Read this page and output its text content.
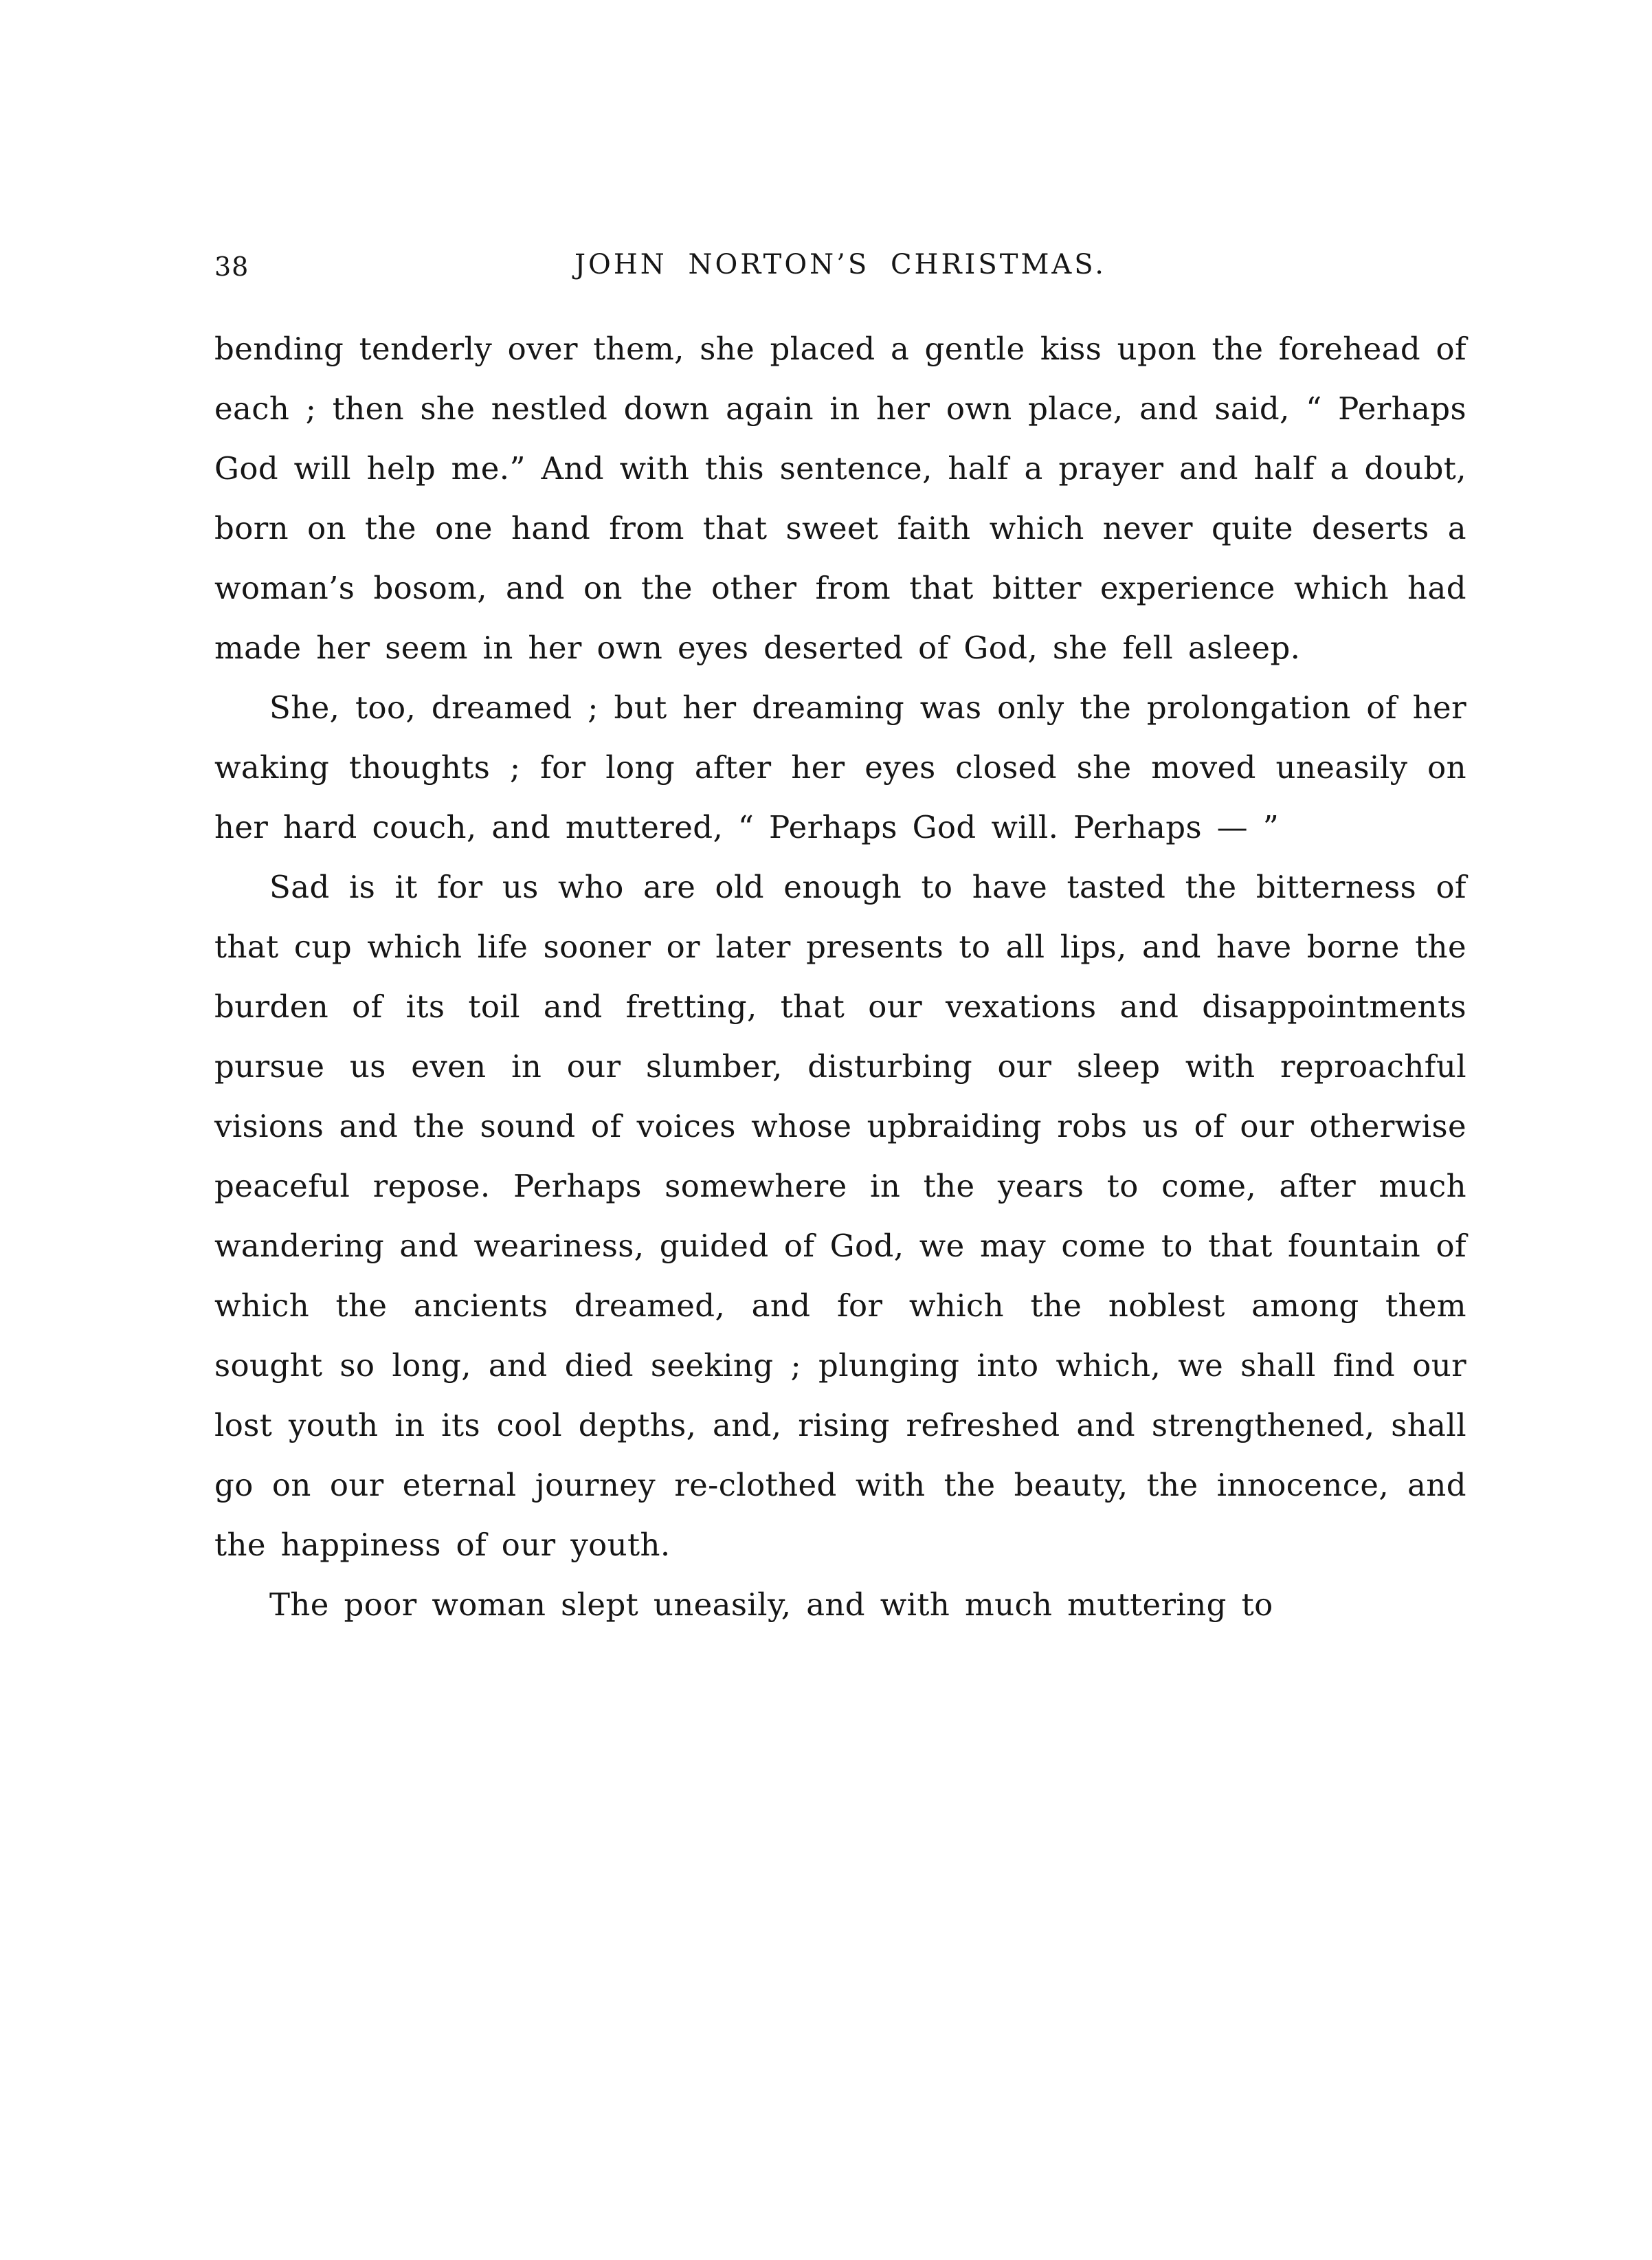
38	JOHN NORTON’S CHRISTMAS.

bending tenderly over them, she placed a gentle kiss upon the forehead of each ; then she nestled down again in her own place, and said, “ Perhaps God will help me.” And with this sentence, half a prayer and half a doubt, born on the one hand from that sweet faith which never quite deserts a woman’s bosom, and on the other from that bitter experience which had made her seem in her own eyes deserted of God, she fell asleep.

She, too, dreamed ; but her dreaming was only the prolongation of her waking thoughts ; for long after her eyes closed she moved uneasily on her hard couch, and muttered, “ Perhaps God will. Perhaps — ”

Sad is it for us who are old enough to have tasted the bitterness of that cup which life sooner or later presents to all lips, and have borne the burden of its toil and fretting, that our vexations and disappointments pursue us even in our slumber, disturbing our sleep with reproachful visions and the sound of voices whose upbraiding robs us of our otherwise peaceful repose. Perhaps somewhere in the years to come, after much wandering and weariness, guided of God, we may come to that fountain of which the ancients dreamed, and for which the noblest among them sought so long, and died seeking ; plunging into which, we shall find our lost youth in its cool depths, and, rising refreshed and strengthened, shall go on our eternal journey re-clothed with the beauty, the innocence, and the happiness of our youth.

The poor woman slept uneasily, and with much muttering to
